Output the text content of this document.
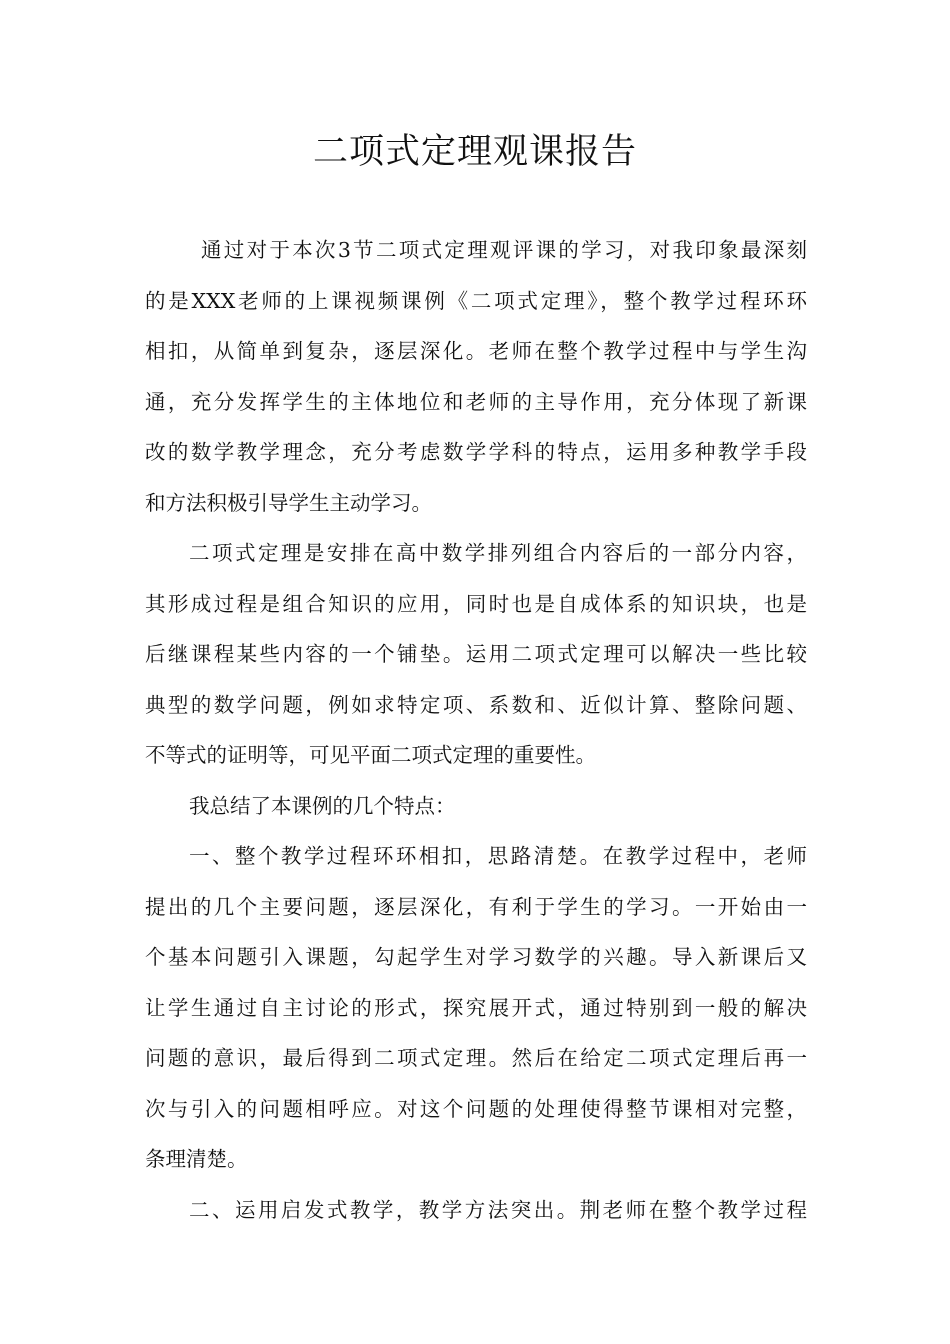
二项式定理观课报告
通过对于本次3节二项式定理观评课的学习，对我印象最深刻
的是XXX老师的上课视频课例《二项式定理》，整个教学过程环环
相扣，从简单到复杂，逐层深化。老师在整个教学过程中与学生沟
通，充分发挥学生的主体地位和老师的主导作用，充分体现了新课
改的数学教学理念，充分考虑数学学科的特点，运用多种教学手段
和方法积极引导学生主动学习。
二项式定理是安排在高中数学排列组合内容后的一部分内容，
其形成过程是组合知识的应用，同时也是自成体系的知识块，也是
后继课程某些内容的一个铺垫。运用二项式定理可以解决一些比较
典型的数学问题，例如求特定项、系数和、近似计算、整除问题、
不等式的证明等，可见平面二项式定理的重要性。
我总结了本课例的几个特点：
一、整个教学过程环环相扣，思路清楚。在教学过程中，老师
提出的几个主要问题，逐层深化，有利于学生的学习。一开始由一
个基本问题引入课题，勾起学生对学习数学的兴趣。导入新课后又
让学生通过自主讨论的形式，探究展开式，通过特别到一般的解决
问题的意识，最后得到二项式定理。然后在给定二项式定理后再一
次与引入的问题相呼应。对这个问题的处理使得整节课相对完整，
条理清楚。
二、运用启发式教学，教学方法突出。荆老师在整个教学过程
